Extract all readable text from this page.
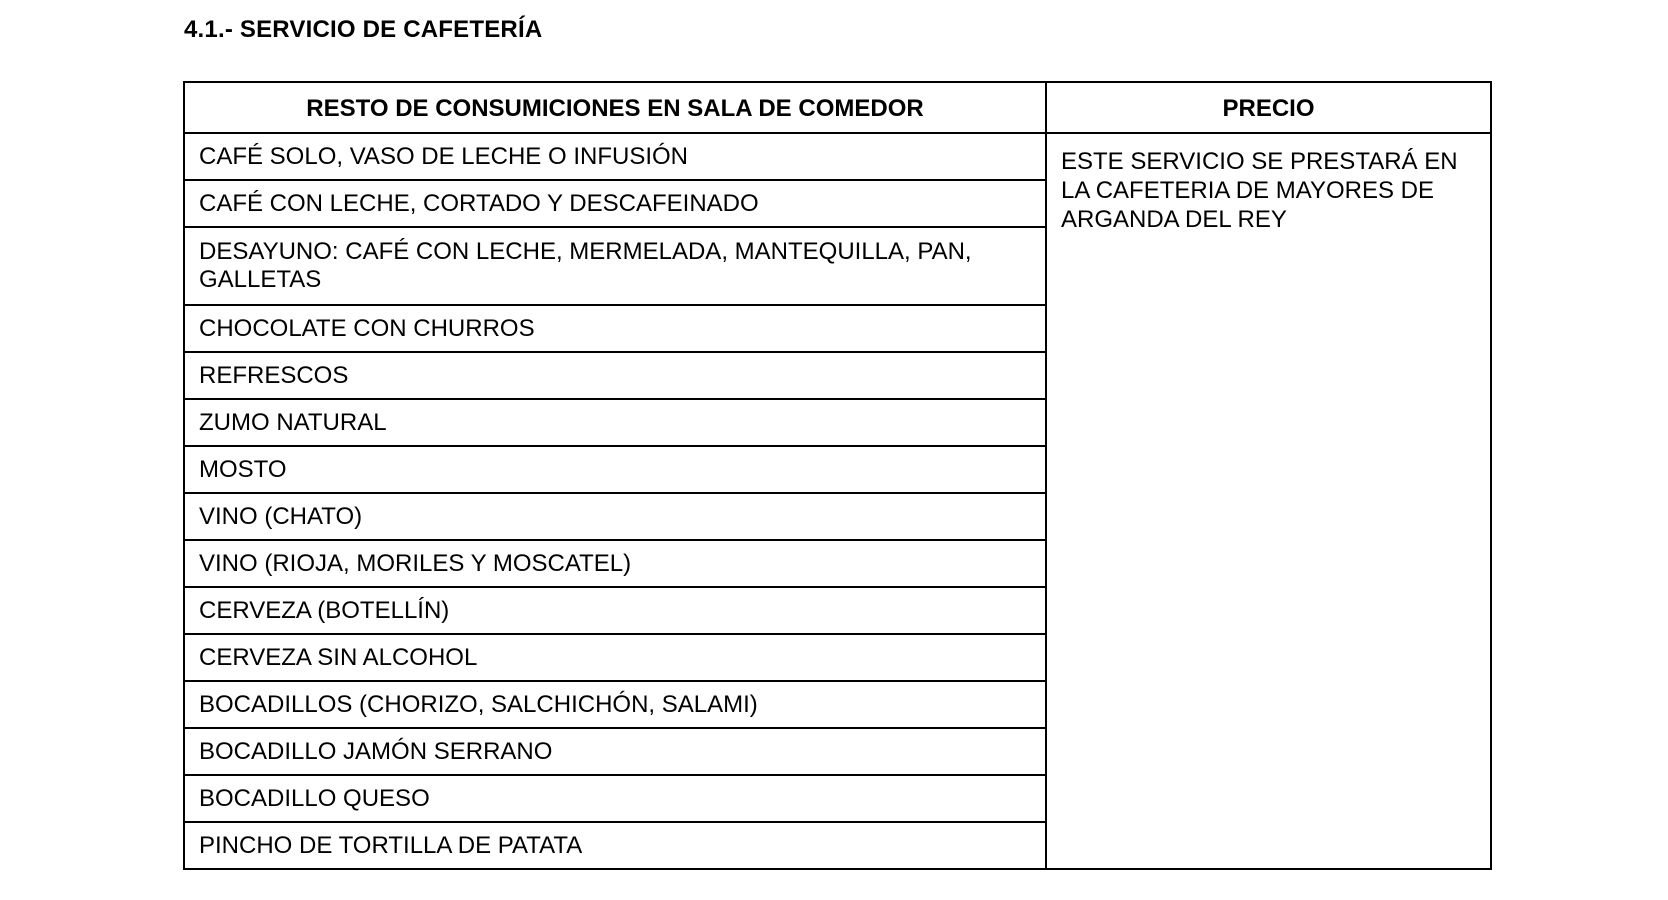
4.1.- SERVICIO DE CAFETERÍA
RESTO DE CONSUMICIONES EN SALA DE COMEDOR	PRECIO
CAFÉ SOLO, VASO DE LECHE O INFUSIÓN	ESTE SERVICIO SE PRESTARÁ EN LA CAFETERIA DE MAYORES DE ARGANDA DEL REY
CAFÉ CON LECHE, CORTADO Y DESCAFEINADO	
DESAYUNO: CAFÉ CON LECHE, MERMELADA, MANTEQUILLA, PAN, GALLETAS	
CHOCOLATE CON CHURROS	
REFRESCOS	
ZUMO NATURAL	
MOSTO	
VINO (CHATO)	
VINO (RIOJA, MORILES Y MOSCATEL)	
CERVEZA (BOTELLÍN)	
CERVEZA SIN ALCOHOL	
BOCADILLOS (CHORIZO, SALCHICHÓN, SALAMI)	
BOCADILLO JAMÓN SERRANO	
BOCADILLO QUESO	
PINCHO DE TORTILLA DE PATATA	
